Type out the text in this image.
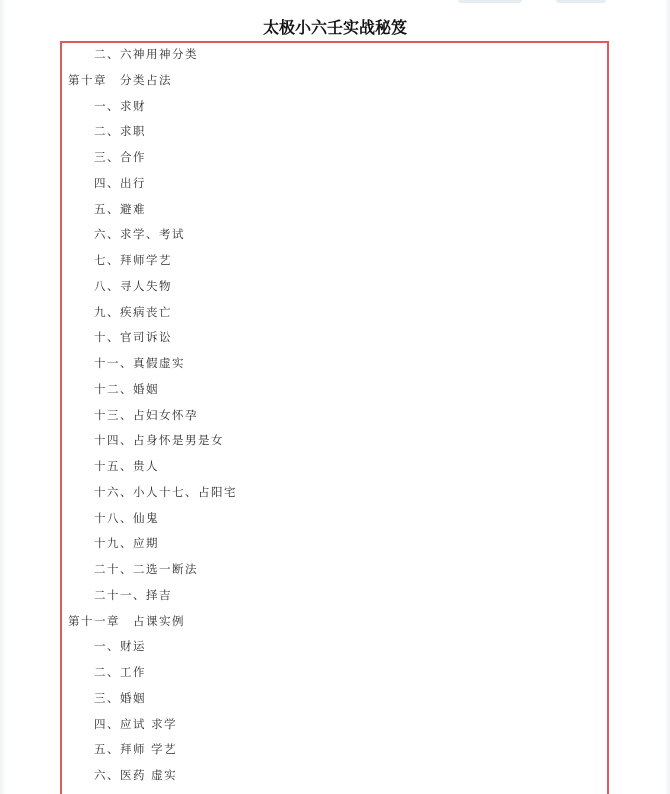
太极小六壬实战秘笈
二、六神用神分类
第十章　分类占法
一、求财
二、求职
三、合作
四、出行
五、避难
六、求学、考试
七、拜师学艺
八、寻人失物
九、疾病丧亡
十、官司诉讼
十一、真假虚实
十二、婚姻
十三、占妇女怀孕
十四、占身怀是男是女
十五、贵人
十六、小人十七、占阳宅
十八、仙鬼
十九、应期
二十、二选一断法
二十一、择吉
第十一章　占课实例
一、财运
二、工作
三、婚姻
四、应试 求学
五、拜师 学艺
六、医药 虚实
